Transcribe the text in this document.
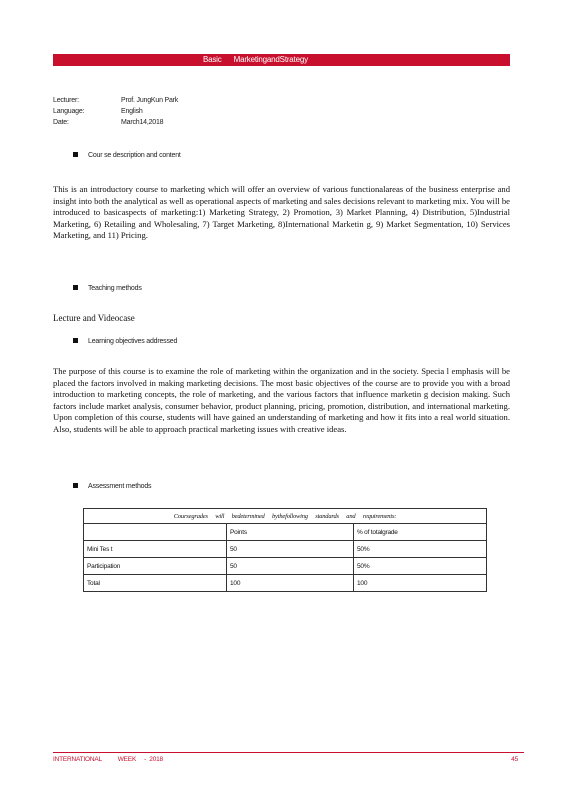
Basic MarketingandStrategy
Lecturer:	Prof. JungKun Park
Language:	English
Date:	March14,2018
Cour se description and content

This is an introductory course to marketing which will offer an overview of various functionalareas of the business enterprise and insight into both the analytical as well as operational aspects of marketing and sales decisions relevant to marketing mix. You will be introduced to basicaspects of marketing:1) Marketing Strategy, 2) Promotion, 3) Market Planning, 4) Distribution, 5)Industrial Marketing, 6) Retailing and Wholesaling, 7) Target Marketing, 8)International Marketin g, 9) Market Segmentation, 10) Services Marketing, and 11) Pricing.

Teaching methods
Lecture and Videocase
Learning objectives addressed

The purpose of this course is to examine the role of marketing within the organization and in the society. Specia l emphasis will be placed the factors involved in making marketing decisions. The most basic objectives of the course are to provide you with a broad introduction to marketing concepts, the role of marketing, and the various factors that influence marketin g decision making. Such factors include market analysis, consumer behavior, product planning, pricing, promotion, distribution, and international marketing. Upon completion of this course, students will have gained an understanding of marketing and how it fits into a real world situation. Also, students will be able to approach practical marketing issues with creative ideas.

Assessment methods
Coursegrades will bedetermined bythefollowing standards and requirements:		
	Points	% of totalgrade
Mini Tes t	50	50%
Participation	50	50%
Total	100	100
INTERNATIONAL          WEEK     -  2018	45
